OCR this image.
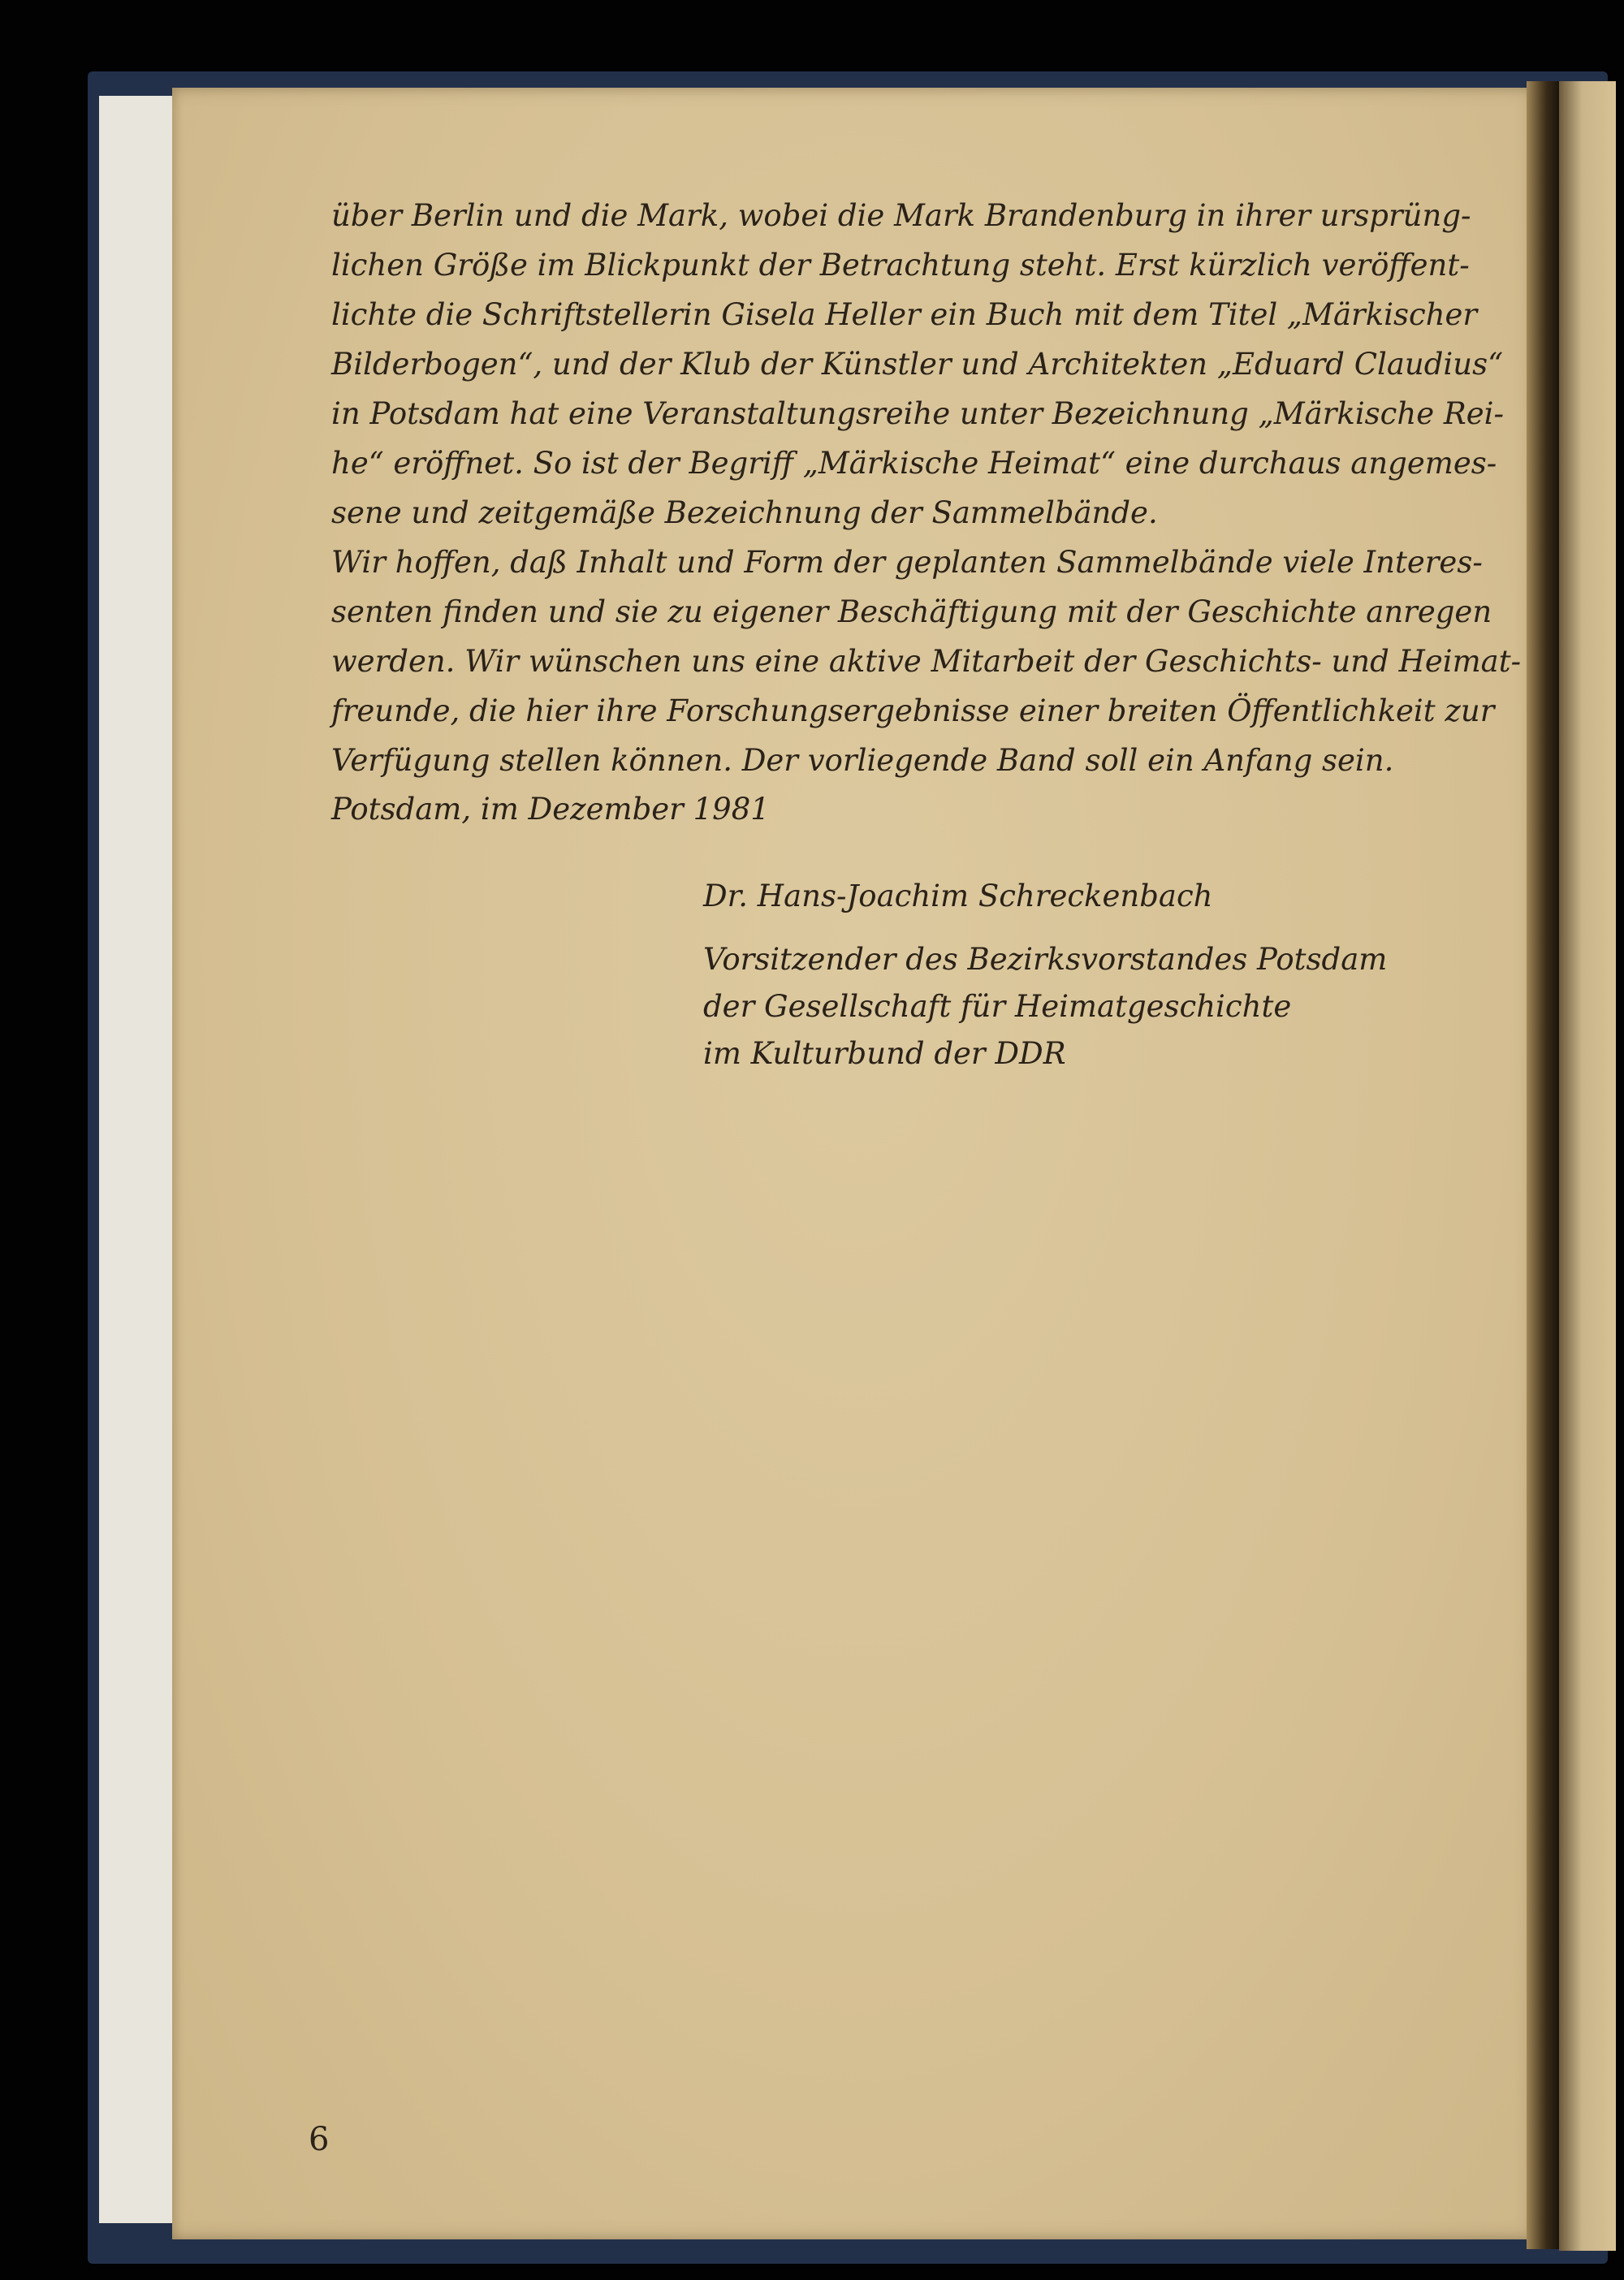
über Berlin und die Mark, wobei die Mark Brandenburg in ihrer ursprüng-
lichen Größe im Blickpunkt der Betrachtung steht. Erst kürzlich veröffent-
lichte die Schriftstellerin Gisela Heller ein Buch mit dem Titel „Märkischer
Bilderbogen“, und der Klub der Künstler und Architekten „Eduard Claudius“
in Potsdam hat eine Veranstaltungsreihe unter Bezeichnung „Märkische Rei-
he“ eröffnet. So ist der Begriff „Märkische Heimat“ eine durchaus angemes-
sene und zeitgemäße Bezeichnung der Sammelbände.
Wir hoffen, daß Inhalt und Form der geplanten Sammelbände viele Interes-
senten finden und sie zu eigener Beschäftigung mit der Geschichte anregen
werden. Wir wünschen uns eine aktive Mitarbeit der Geschichts- und Heimat-
freunde, die hier ihre Forschungsergebnisse einer breiten Öffentlichkeit zur
Verfügung stellen können. Der vorliegende Band soll ein Anfang sein.
Potsdam, im Dezember 1981
Dr. Hans-Joachim Schreckenbach
Vorsitzender des Bezirksvorstandes Potsdam
der Gesellschaft für Heimatgeschichte
im Kulturbund der DDR
6
